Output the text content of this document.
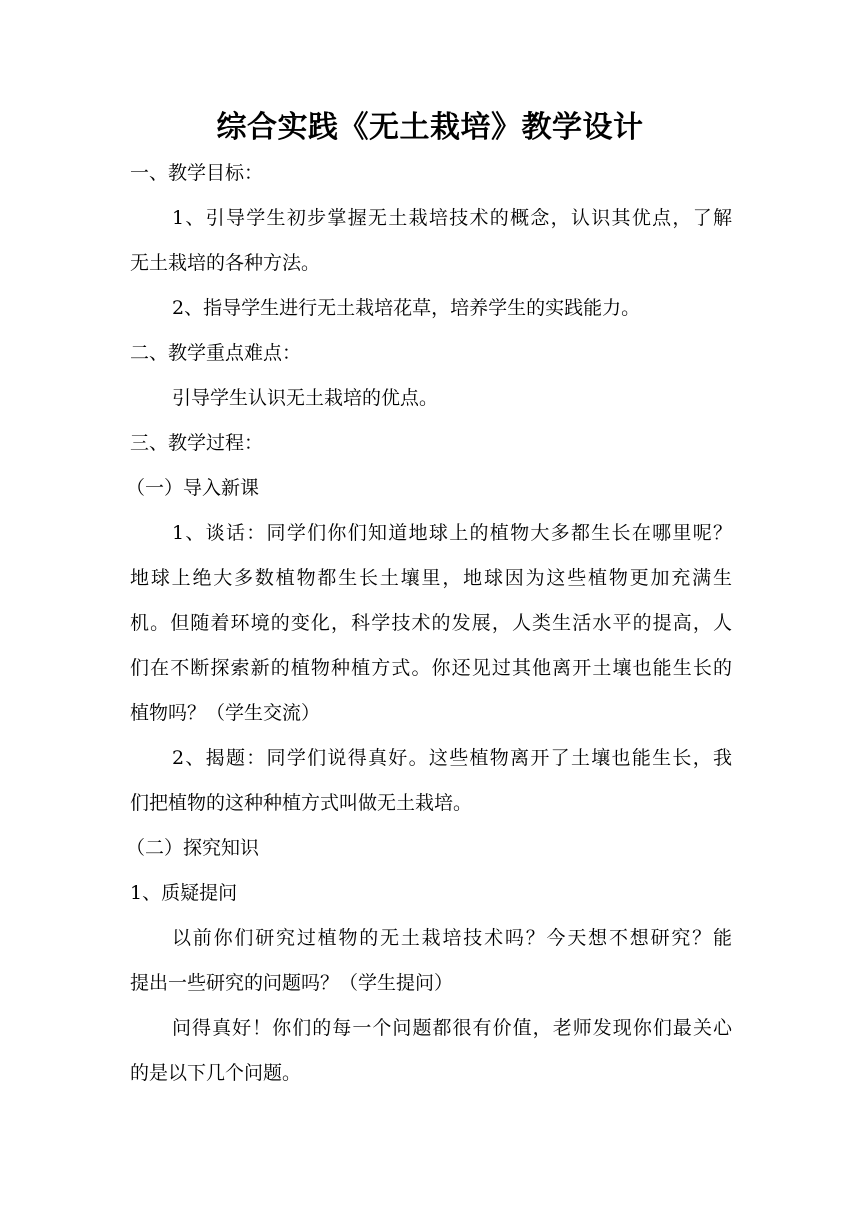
综合实践《无土栽培》教学设计
一、教学目标：
1、引导学生初步掌握无土栽培技术的概念，认识其优点，了解
无土栽培的各种方法。
2、指导学生进行无土栽培花草，培养学生的实践能力。
二、教学重点难点：
引导学生认识无土栽培的优点。
三、教学过程：
（一）导入新课
1、谈话：同学们你们知道地球上的植物大多都生长在哪里呢？
地球上绝大多数植物都生长土壤里，地球因为这些植物更加充满生
机。但随着环境的变化，科学技术的发展，人类生活水平的提高，人
们在不断探索新的植物种植方式。你还见过其他离开土壤也能生长的
植物吗？（学生交流）
2、揭题：同学们说得真好。这些植物离开了土壤也能生长，我
们把植物的这种种植方式叫做无土栽培。
（二）探究知识
1、质疑提问
以前你们研究过植物的无土栽培技术吗？今天想不想研究？能
提出一些研究的问题吗？（学生提问）
问得真好！你们的每一个问题都很有价值，老师发现你们最关心
的是以下几个问题。
